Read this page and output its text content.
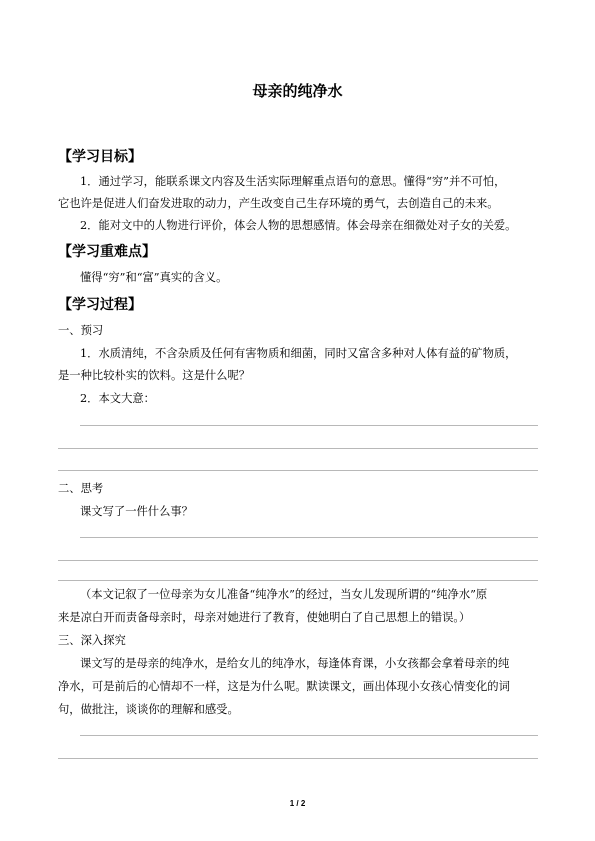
母亲的纯净水
【学习目标】
1．通过学习，能联系课文内容及生活实际理解重点语句的意思。懂得“穷”并不可怕，
它也许是促进人们奋发进取的动力，产生改变自己生存环境的勇气，去创造自己的未来。
2．能对文中的人物进行评价，体会人物的思想感情。体会母亲在细微处对子女的关爱。
【学习重难点】
懂得“穷”和“富”真实的含义。
【学习过程】
一、预习
1．水质清纯，不含杂质及任何有害物质和细菌，同时又富含多种对人体有益的矿物质，
是一种比较朴实的饮料。这是什么呢？
2．本文大意：
二、思考
课文写了一件什么事？
（本文记叙了一位母亲为女儿准备“纯净水”的经过，当女儿发现所谓的“纯净水”原
来是凉白开而责备母亲时，母亲对她进行了教育，使她明白了自己思想上的错误。）
三、深入探究
课文写的是母亲的纯净水，是给女儿的纯净水，每逢体育课，小女孩都会拿着母亲的纯
净水，可是前后的心情却不一样，这是为什么呢。默读课文，画出体现小女孩心情变化的词
句，做批注，谈谈你的理解和感受。
1 / 2
